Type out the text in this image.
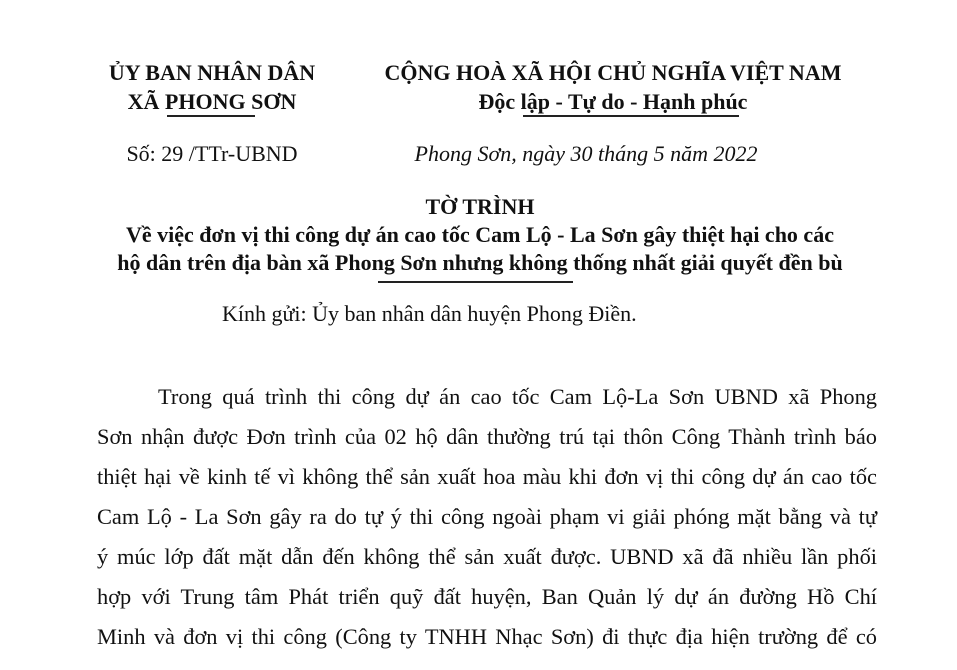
ỦY BAN NHÂN DÂN
XÃ PHONG SƠN
CỘNG HOÀ XÃ HỘI CHỦ NGHĨA VIỆT NAM
Độc lập - Tự do - Hạnh phúc
Số: 29 /TTr-UBND	Phong Sơn, ngày 30 tháng 5 năm 2022
TỜ TRÌNH
Về việc đơn vị thi công dự án cao tốc Cam Lộ - La Sơn gây thiệt hại cho các
hộ dân trên địa bàn xã Phong Sơn nhưng không thống nhất giải quyết đền bù
Kính gửi: Ủy ban nhân dân huyện Phong Điền.
Trong quá trình thi công dự án cao tốc Cam Lộ-La Sơn UBND xã Phong
Sơn nhận được Đơn trình của 02 hộ dân thường trú tại thôn Công Thành trình báo
thiệt hại về kinh tế vì không thể sản xuất hoa màu khi đơn vị thi công dự án cao tốc
Cam Lộ - La Sơn gây ra do tự ý thi công ngoài phạm vi giải phóng mặt bằng và tự
ý múc lớp đất mặt dẫn đến không thể sản xuất được. UBND xã đã nhiều lần phối
hợp với Trung tâm Phát triển quỹ đất huyện, Ban Quản lý dự án đường Hồ Chí
Minh và đơn vị thi công (Công ty TNHH Nhạc Sơn) đi thực địa hiện trường để có
